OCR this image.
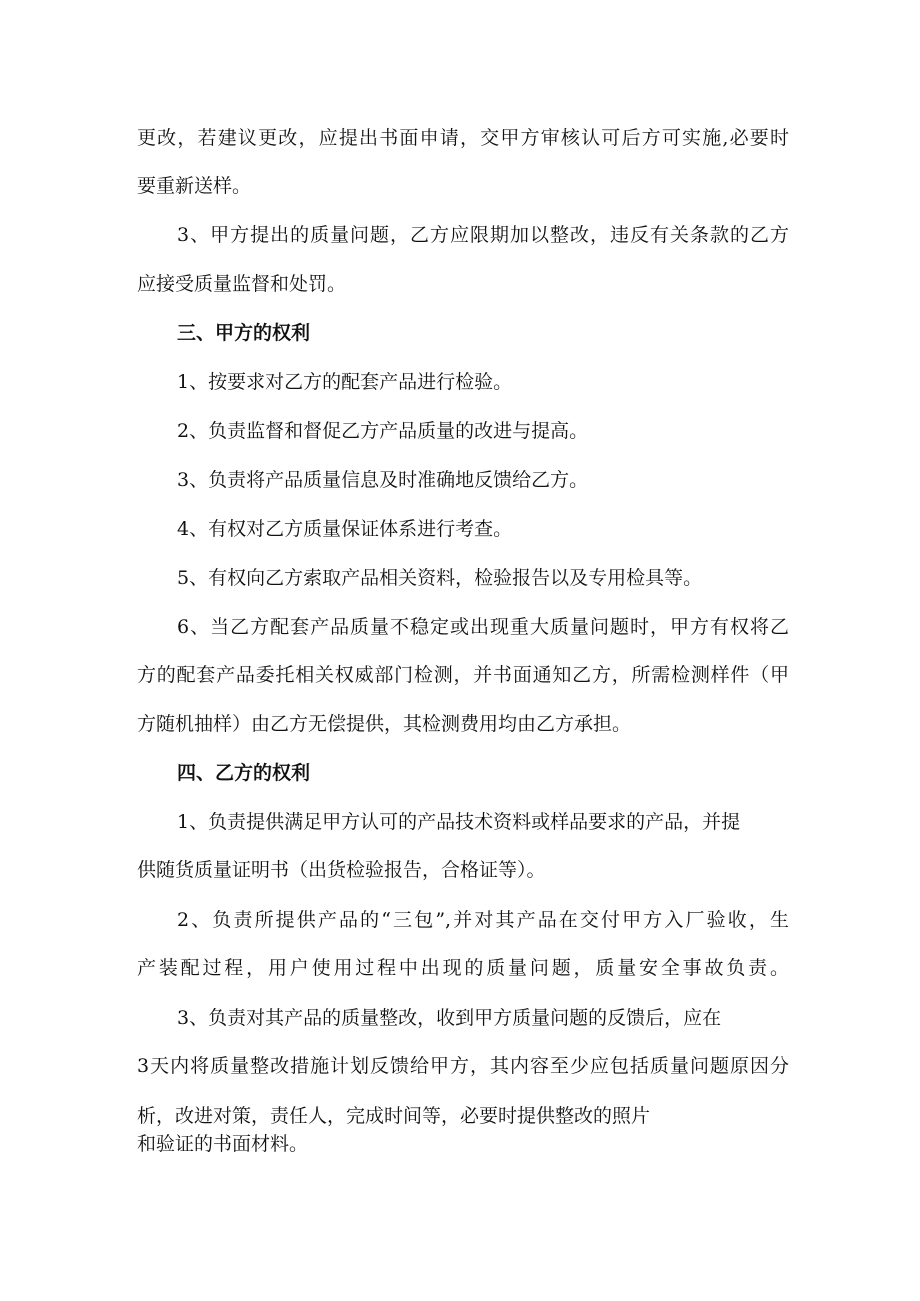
更改，若建议更改，应提出书面申请，交甲方审核认可后方可实施,必要时
要重新送样。
3、甲方提出的质量问题，乙方应限期加以整改，违反有关条款的乙方
应接受质量监督和处罚。
三、甲方的权利
1、按要求对乙方的配套产品进行检验。
2、负责监督和督促乙方产品质量的改进与提高。
3、负责将产品质量信息及时准确地反馈给乙方。
4、有权对乙方质量保证体系进行考查。
5、有权向乙方索取产品相关资料，检验报告以及专用检具等。
6、当乙方配套产品质量不稳定或出现重大质量问题时，甲方有权将乙
方的配套产品委托相关权威部门检测，并书面通知乙方，所需检测样件（甲
方随机抽样）由乙方无偿提供，其检测费用均由乙方承担。
四、乙方的权利
1、负责提供满足甲方认可的产品技术资料或样品要求的产品，并提
供随货质量证明书（出货检验报告，合格证等）。
2、负责所提供产品的“三包”,并对其产品在交付甲方入厂验收，生
产装配过程，用户使用过程中出现的质量问题，质量安全事故负责。
3、负责对其产品的质量整改，收到甲方质量问题的反馈后，应在
3天内将质量整改措施计划反馈给甲方，其内容至少应包括质量问题原因分
析，改进对策，责任人，完成时间等，必要时提供整改的照片
和验证的书面材料。
